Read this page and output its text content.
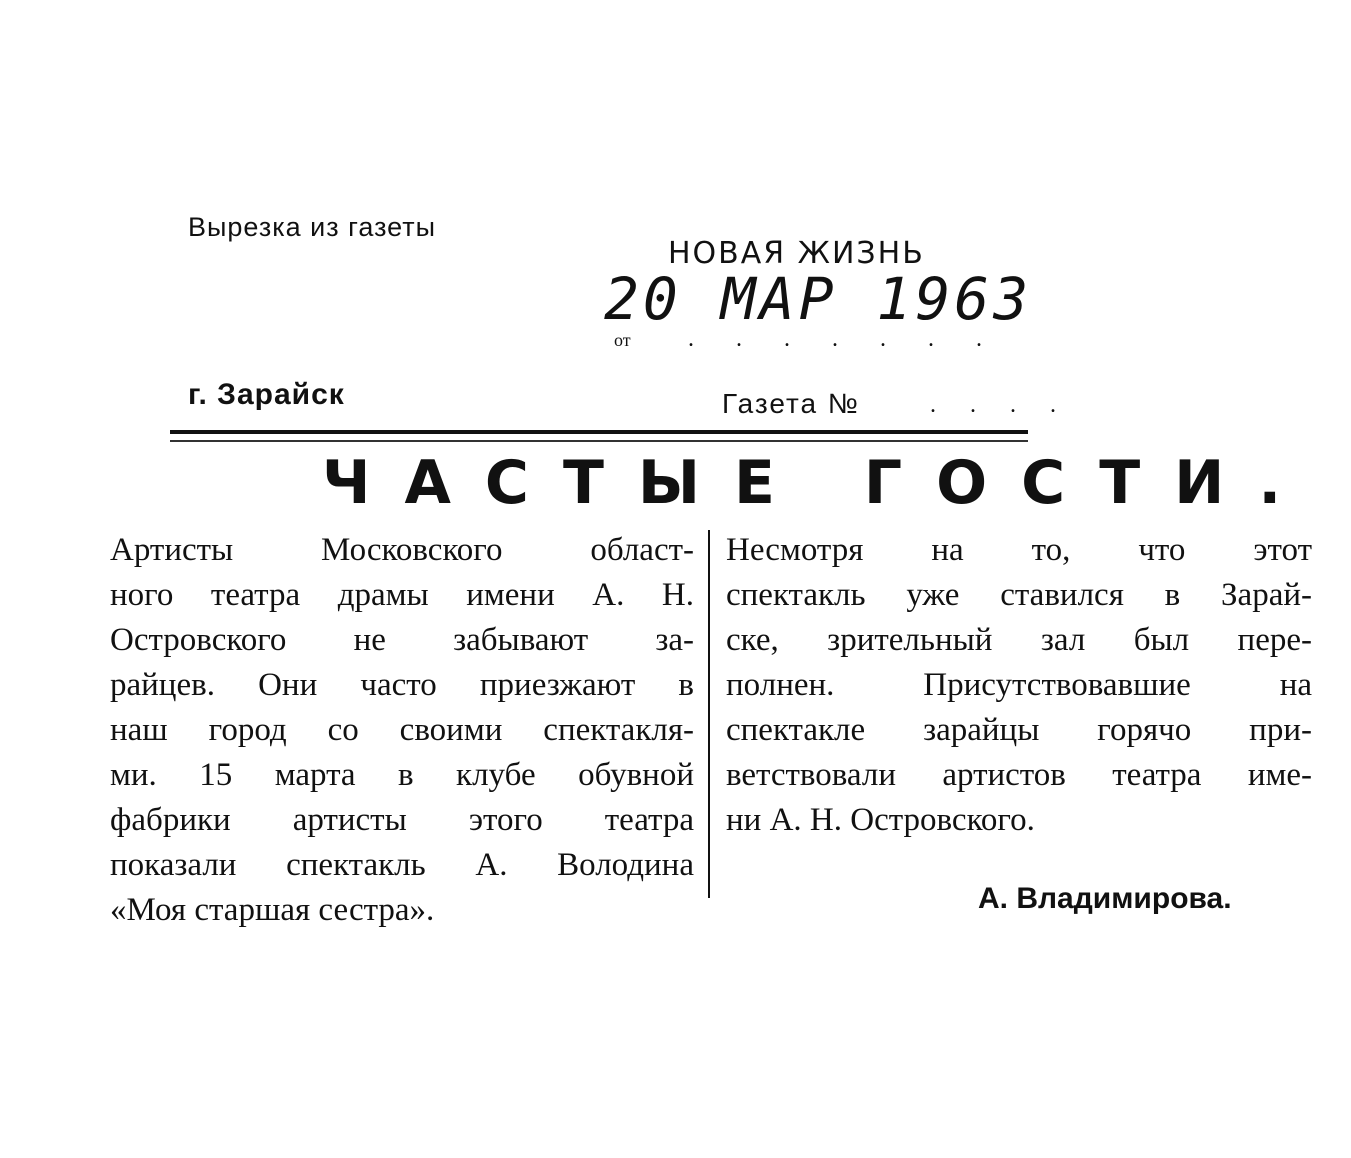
Вырезка из газеты
НОВАЯ ЖИЗНЬ
20 МАР 1963
от . . . . . . .
г. Зарайск	Газета №	. . . .
ЧАСТЫЕ ГОСТИ.
Артисты Московского област-
ного театра драмы имени А. Н.
Островского не забывают за-
райцев. Они часто приезжают в
наш город со своими спектакля-
ми. 15 марта в клубе обувной
фабрики артисты этого театра
показали спектакль А. Володина
«Моя старшая сестра».
Несмотря на то, что этот
спектакль уже ставился в Зарай-
ске, зрительный зал был пере-
полнен. Присутствовавшие на
спектакле зарайцы горячо при-
ветствовали артистов театра име-
ни А. Н. Островского.
А. Владимирова.
